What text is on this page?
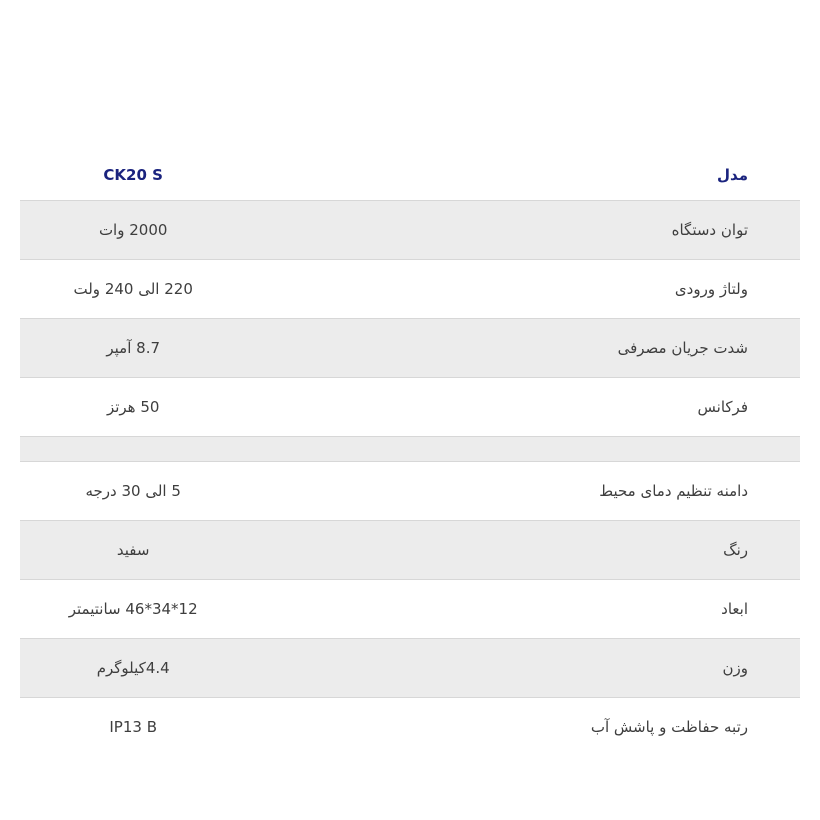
مدل
CK20 S
توان دستگاه
2000 وات
ولتاژ ورودی
220 الی 240 ولت
شدت جریان مصرفی
8.7 آمپر
فرکانس
50 هرتز
دامنه تنظیم دمای محیط
5 الی 30 درجه
رنگ
سفید
ابعاد
12*34*46 سانتیمتر
وزن
4.4کیلوگرم
رتبه حفاظت و پاشش آب
IP13 B
